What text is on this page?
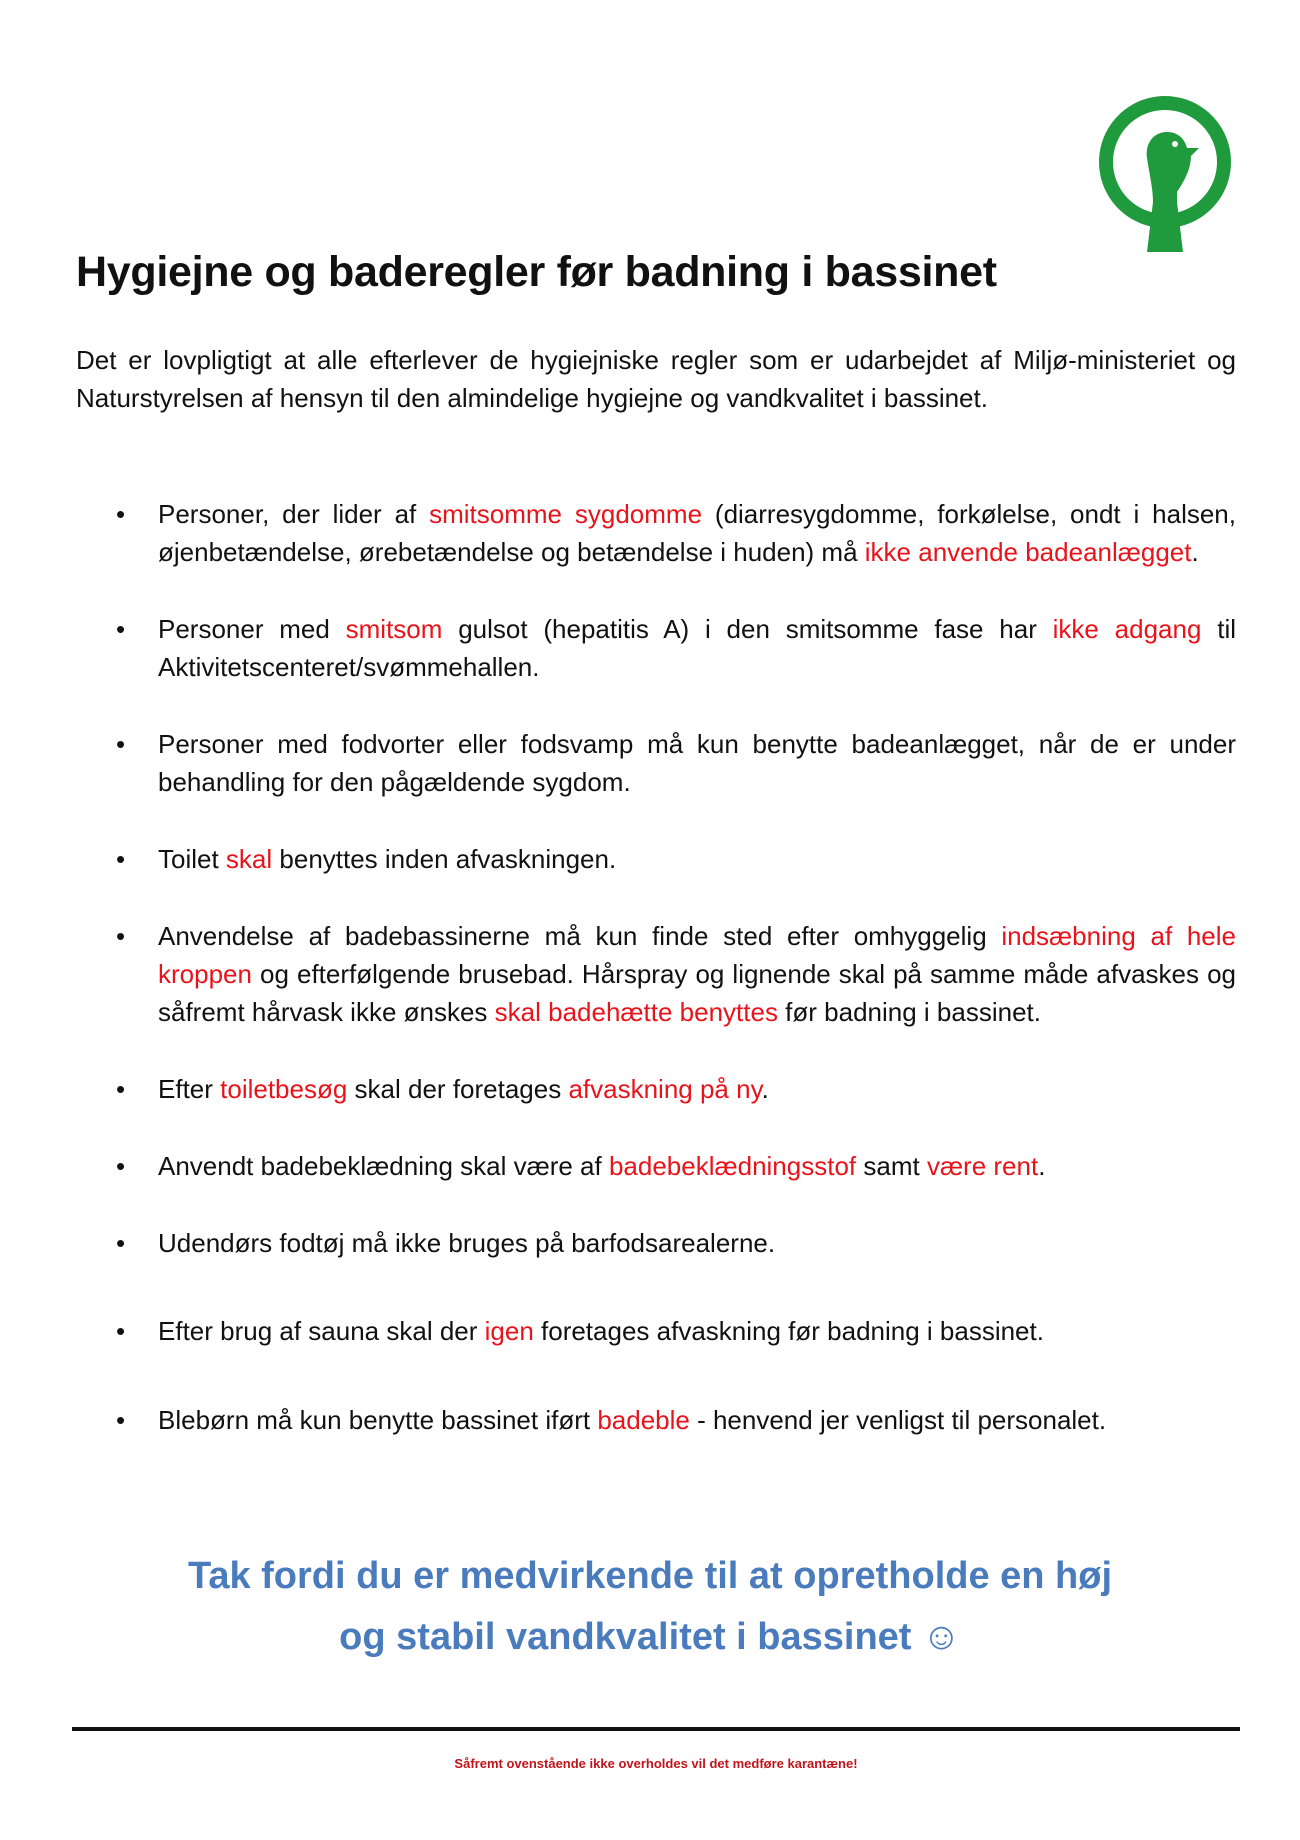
Hygiejne og baderegler før badning i bassinet

Det er lovpligtigt at alle efterlever de hygiejniske regler som er udarbejdet af Miljø-ministeriet og Naturstyrelsen af hensyn til den almindelige hygiejne og vandkvalitet i bassinet.

• Personer, der lider af smitsomme sygdomme (diarresygdomme, forkølelse, ondt i halsen, øjenbetændelse, ørebetændelse og betændelse i huden) må ikke anvende badeanlægget.
• Personer med smitsom gulsot (hepatitis A) i den smitsomme fase har ikke adgang til Aktivitetscenteret/svømmehallen.
• Personer med fodvorter eller fodsvamp må kun benytte badeanlægget, når de er under behandling for den pågældende sygdom.
• Toilet skal benyttes inden afvaskningen.
• Anvendelse af badebassinerne må kun finde sted efter omhyggelig indsæbning af hele kroppen og efterfølgende brusebad. Hårspray og lignende skal på samme måde afvaskes og såfremt hårvask ikke ønskes skal badehætte benyttes før badning i bassinet.
• Efter toiletbesøg skal der foretages afvaskning på ny.
• Anvendt badebeklædning skal være af badebeklædningsstof samt være rent.
• Udendørs fodtøj må ikke bruges på barfodsarealerne.
• Efter brug af sauna skal der igen foretages afvaskning før badning i bassinet.
• Blebørn må kun benytte bassinet iført badeble - henvend jer venligst til personalet.
Tak fordi du er medvirkende til at opretholde en høj
og stabil vandkvalitet i bassinet ☺

Såfremt ovenstående ikke overholdes vil det medføre karantæne!
